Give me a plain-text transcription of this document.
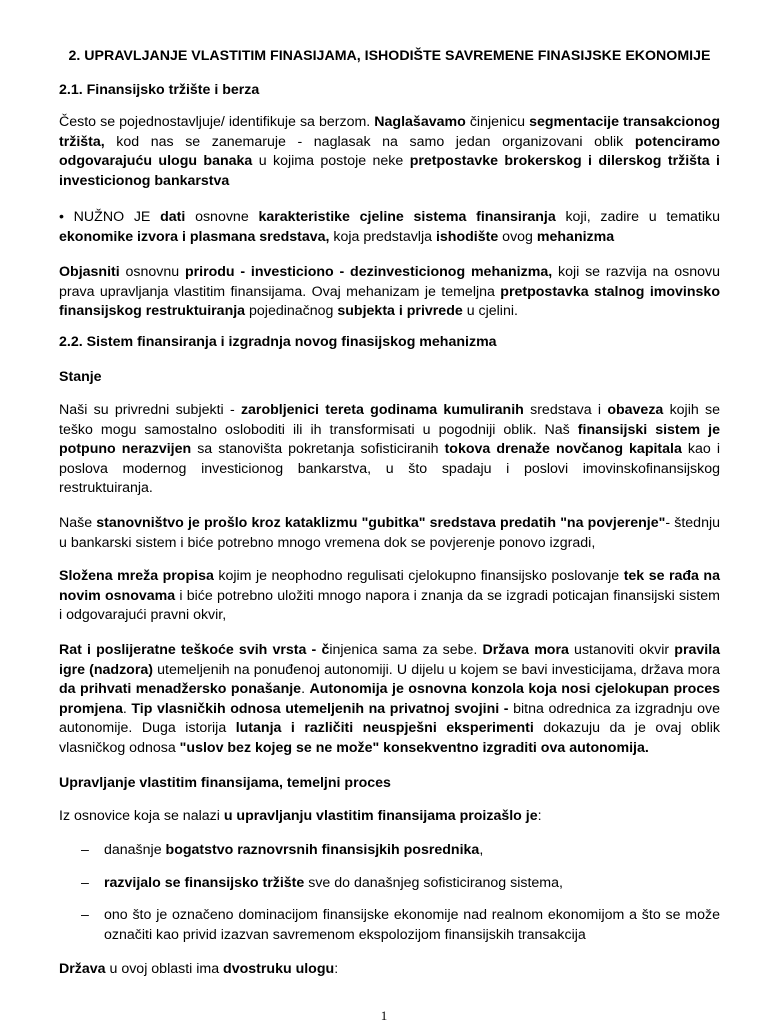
2. UPRAVLJANJE VLASTITIM FINASIJAMA, ISHODIŠTE SAVREMENE FINASIJSKE EKONOMIJE
2.1. Finansijsko tržište i berza
Često se pojednostavljuje/ identifikuje sa berzom. Naglašavamo činjenicu segmentacije transakcionog tržišta, kod nas se zanemaruje - naglasak na samo jedan organizovani oblik potenciramo odgovarajuću ulogu banaka u kojima postoje neke pretpostavke brokerskog i dilerskog tržišta i investicionog bankarstva
• NUŽNO JE dati osnovne karakteristike cjeline sistema finansiranja koji, zadire u tematiku ekonomike izvora i plasmana sredstava, koja predstavlja ishodište ovog mehanizma
Objasniti osnovnu prirodu - investiciono - dezinvesticionog mehanizma, koji se razvija na osnovu prava upravljanja vlastitim finansijama. Ovaj mehanizam je temeljna pretpostavka stalnog imovinsko finansijskog restruktuiranja pojedinačnog subjekta i privrede u cjelini.
2.2. Sistem finansiranja i izgradnja novog finasijskog mehanizma
Stanje
Naši su privredni subjekti - zarobljenici tereta godinama kumuliranih sredstava i obaveza kojih se teško mogu samostalno osloboditi ili ih transformisati u pogodniji oblik. Naš finansijski sistem je potpuno nerazvijen sa stanovišta pokretanja sofisticiranih tokova drenaže novčanog kapitala kao i poslova modernog investicionog bankarstva, u što spadaju i poslovi imovinskofinansijskog restruktuiranja.
Naše stanovništvo je prošlo kroz kataklizmu "gubitka" sredstava predatih "na povjerenje"- štednju u bankarski sistem i biće potrebno mnogo vremena dok se povjerenje ponovo izgradi,
Složena mreža propisa kojim je neophodno regulisati cjelokupno finansijsko poslovanje tek se rađa na novim osnovama i biće potrebno uložiti mnogo napora i znanja da se izgradi poticajan finansijski sistem i odgovarajući pravni okvir,
Rat i poslijeratne teškoće svih vrsta - činjenica sama za sebe. Država mora ustanoviti okvir pravila igre (nadzora) utemeljenih na ponuđenoj autonomiji. U dijelu u kojem se bavi investicijama, država mora da prihvati menadžersko ponašanje. Autonomija je osnovna konzola koja nosi cjelokupan proces promjena. Tip vlasničkih odnosa utemeljenih na privatnoj svojini - bitna odrednica za izgradnju ove autonomije. Duga istorija lutanja i različiti neuspješni eksperimenti dokazuju da je ovaj oblik vlasničkog odnosa "uslov bez kojeg se ne može" konsekventno izgraditi ova autonomija.
Upravljanje vlastitim finansijama, temeljni proces
Iz osnovice koja se nalazi u upravljanju vlastitim finansijama proizašlo je:
– današnje bogatstvo raznovrsnih finansisjkih posrednika,
– razvijalo se finansijsko tržište sve do današnjeg sofisticiranog sistema,
– ono što je označeno dominacijom finansijske ekonomije nad realnom ekonomijom a što se može označiti kao privid izazvan savremenom ekspolozijom finansijskih transakcija
Država u ovoj oblasti ima dvostruku ulogu:
1
